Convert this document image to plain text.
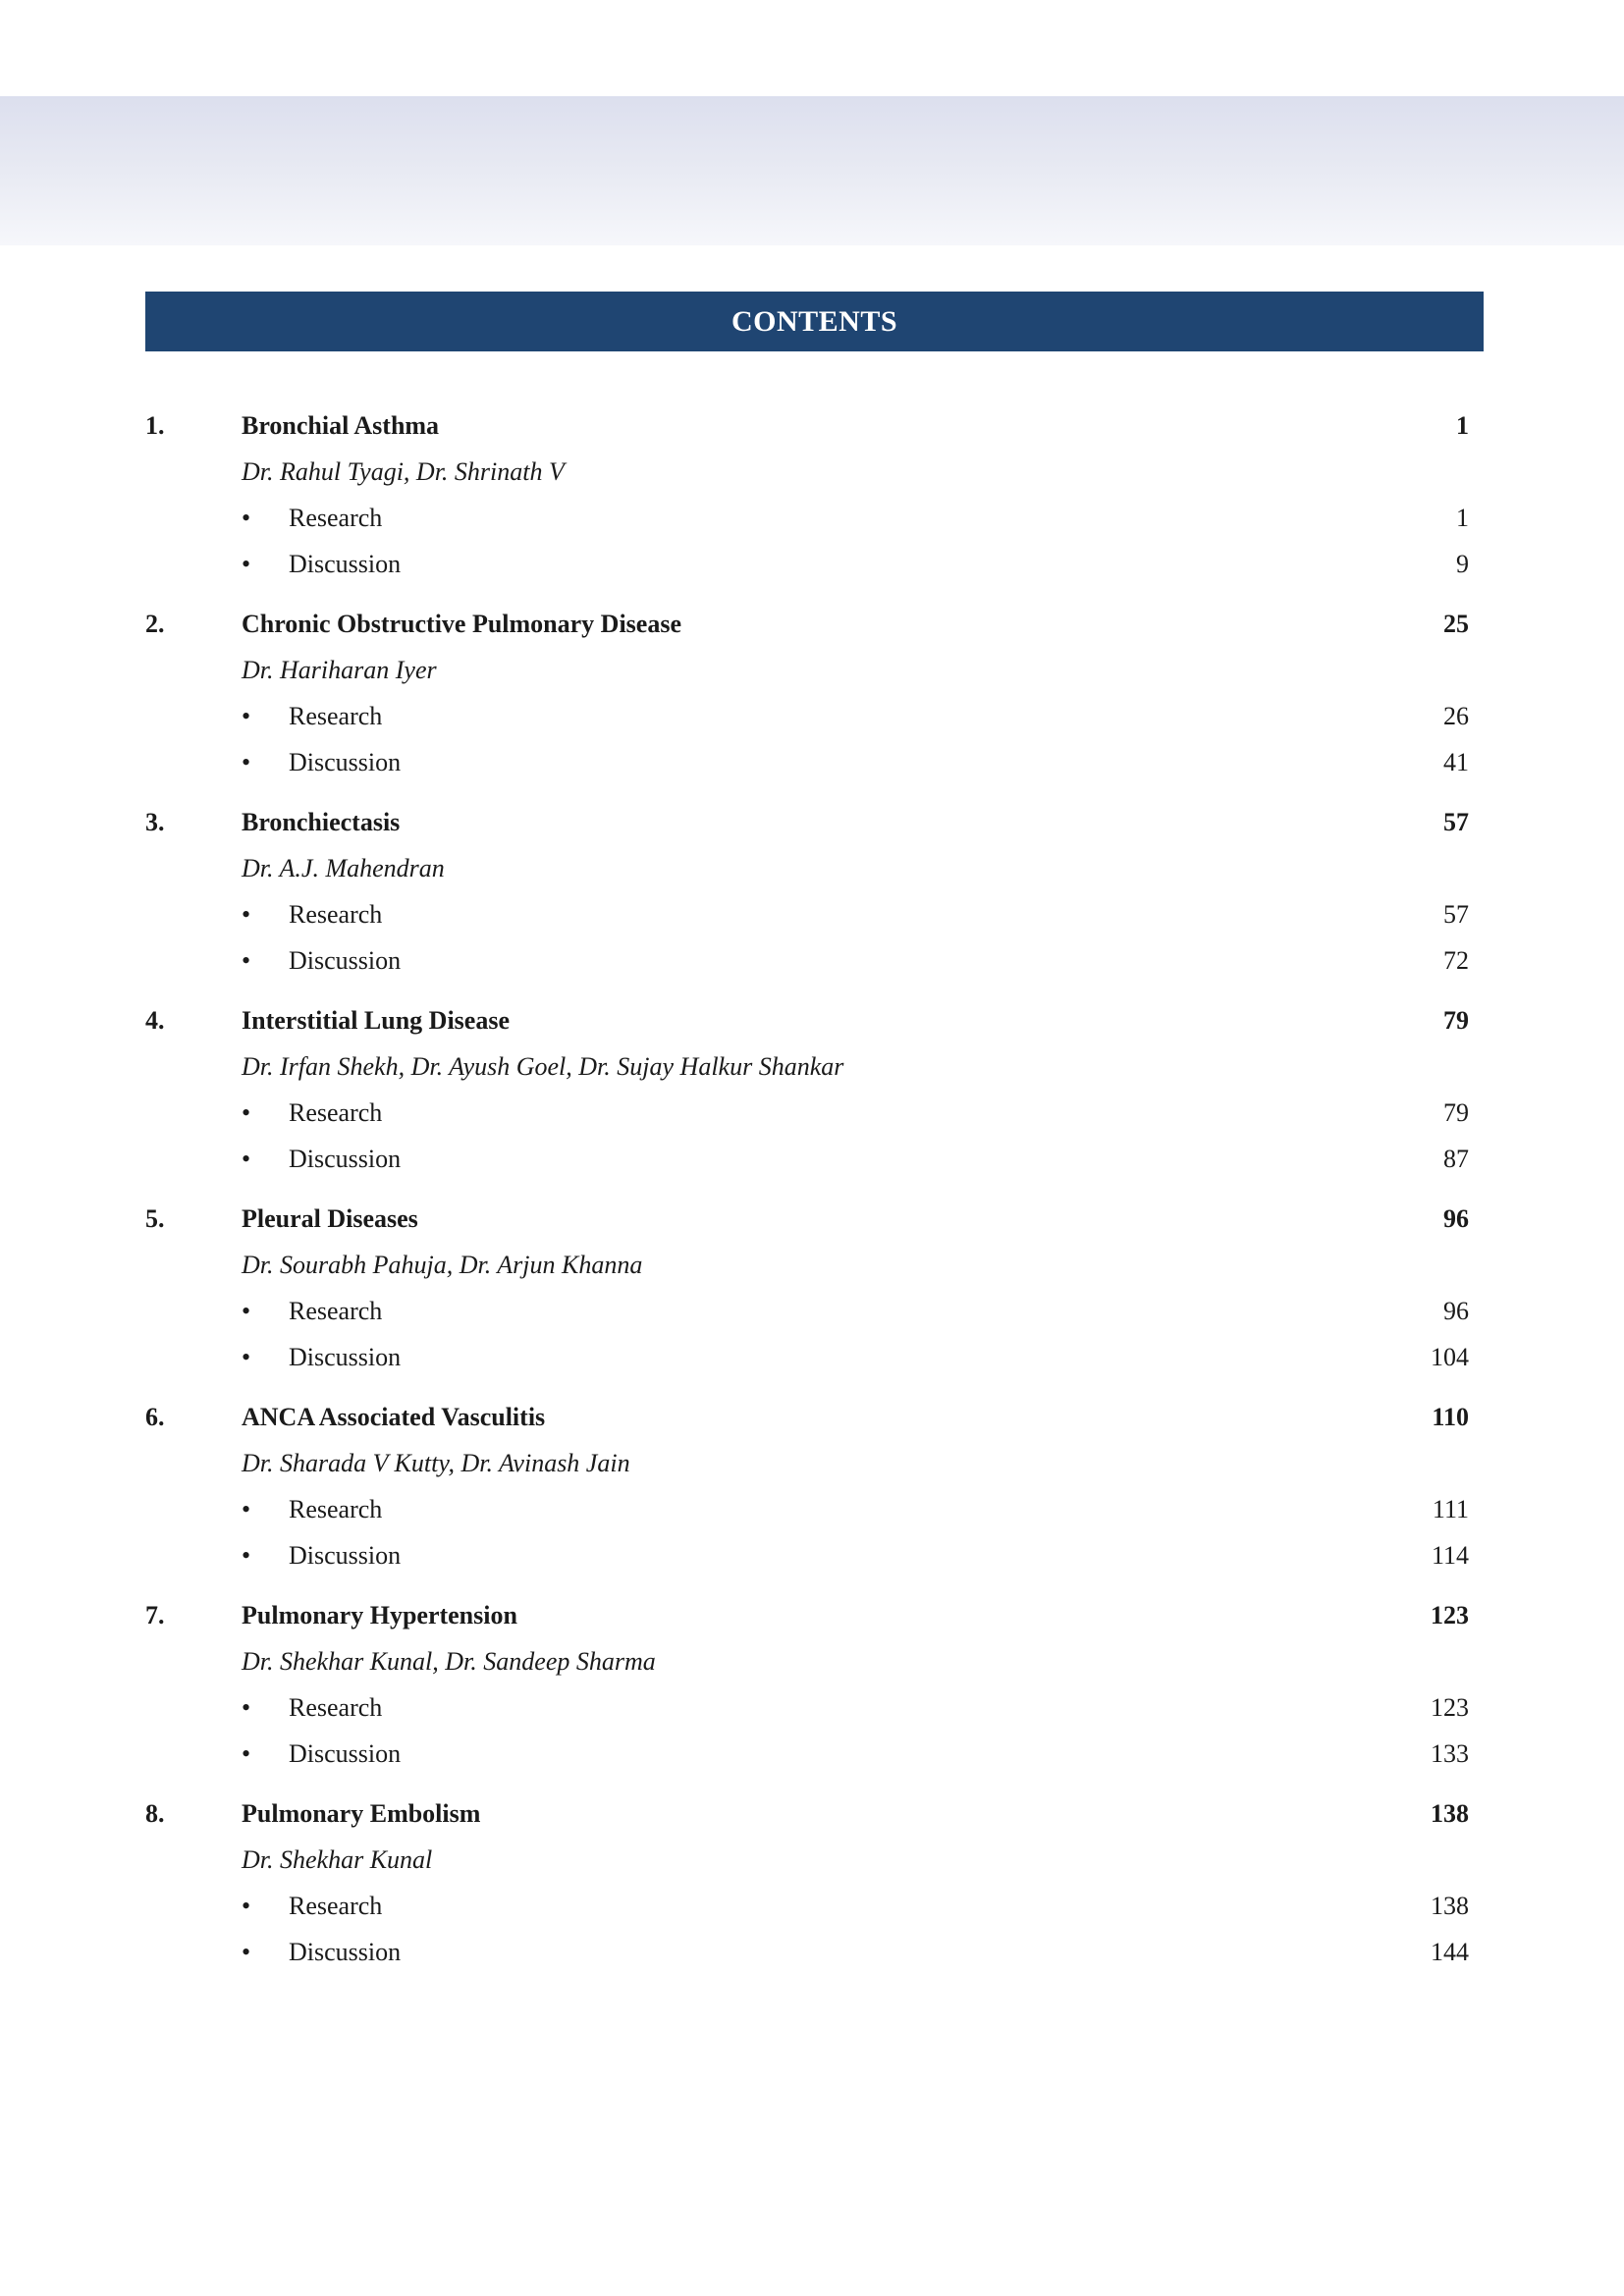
CONTENTS
1.	Bronchial Asthma	1
Dr. Rahul Tyagi, Dr. Shrinath V
• Research	1
• Discussion	9
2.	Chronic Obstructive Pulmonary Disease	25
Dr. Hariharan Iyer
• Research	26
• Discussion	41
3.	Bronchiectasis	57
Dr. A.J. Mahendran
• Research	57
• Discussion	72
4.	Interstitial Lung Disease	79
Dr. Irfan Shekh, Dr. Ayush Goel, Dr. Sujay Halkur Shankar
• Research	79
• Discussion	87
5.	Pleural Diseases	96
Dr. Sourabh Pahuja, Dr. Arjun Khanna
• Research	96
• Discussion	104
6.	ANCA Associated Vasculitis	110
Dr. Sharada V Kutty, Dr. Avinash Jain
• Research	111
• Discussion	114
7.	Pulmonary Hypertension	123
Dr. Shekhar Kunal, Dr. Sandeep Sharma
• Research	123
• Discussion	133
8.	Pulmonary Embolism	138
Dr. Shekhar Kunal
• Research	138
• Discussion	144
